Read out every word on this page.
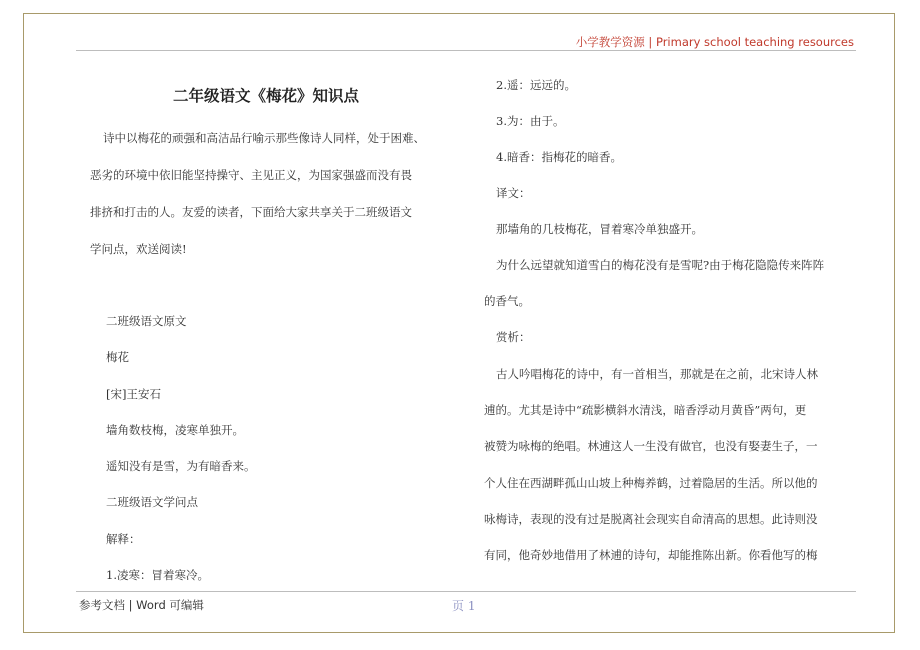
小学教学资源 | Primary school teaching resources
二年级语文《梅花》知识点
诗中以梅花的顽强和高洁品行喻示那些像诗人同样，处于困难、
恶劣的环境中依旧能坚持操守、主见正义，为国家强盛而没有畏
排挤和打击的人。友爱的读者，下面给大家共享关于二班级语文
学问点，欢送阅读!
二班级语文原文
梅花
[宋]王安石
墙角数枝梅，凌寒单独开。
遥知没有是雪，为有暗香来。
二班级语文学问点
解释：
1.凌寒：冒着寒冷。
2.遥：远远的。
3.为：由于。
4.暗香：指梅花的暗香。
译文：
那墙角的几枝梅花，冒着寒冷单独盛开。
为什么远望就知道雪白的梅花没有是雪呢?由于梅花隐隐传来阵阵
的香气。
赏析：
古人吟唱梅花的诗中，有一首相当，那就是在之前，北宋诗人林
逋的。尤其是诗中“疏影横斜水清浅，暗香浮动月黄昏”两句，更
被赞为咏梅的绝唱。林逋这人一生没有做官，也没有娶妻生子，一
个人住在西湖畔孤山山坡上种梅养鹤，过着隐居的生活。所以他的
咏梅诗，表现的没有过是脱离社会现实自命清高的思想。此诗则没
有同，他奇妙地借用了林逋的诗句，却能推陈出新。你看他写的梅
参考文档 | Word 可编辑	页 1
